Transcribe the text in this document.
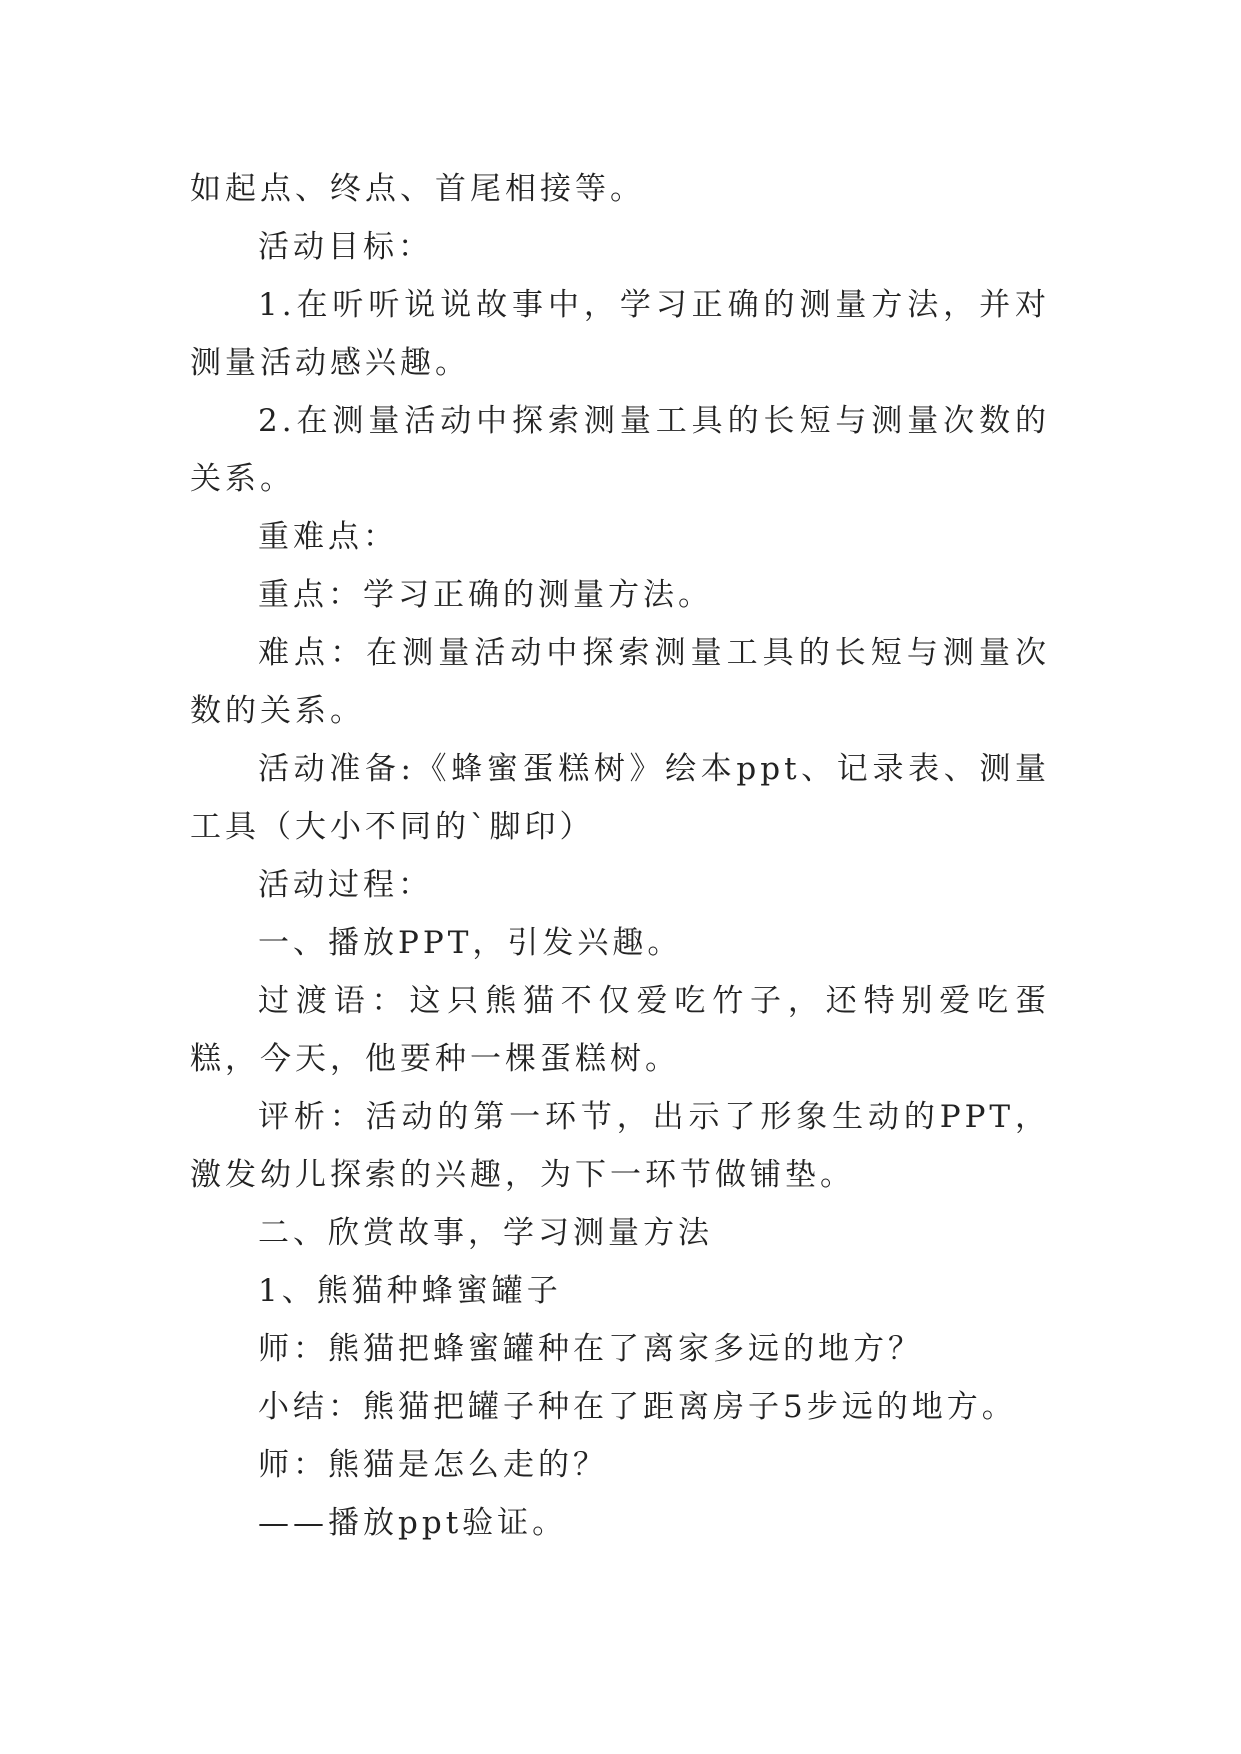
如起点、终点、首尾相接等。

活动目标：

1.在听听说说故事中，学习正确的测量方法，并对测量活动感兴趣。

2.在测量活动中探索测量工具的长短与测量次数的关系。

重难点：

重点：学习正确的测量方法。

难点：在测量活动中探索测量工具的长短与测量次数的关系。

活动准备:《蜂蜜蛋糕树》绘本ppt、记录表、测量工具（大小不同的`脚印）

活动过程：

一、播放PPT，引发兴趣。

过渡语：这只熊猫不仅爱吃竹子，还特别爱吃蛋糕，今天，他要种一棵蛋糕树。

评析：活动的第一环节，出示了形象生动的PPT，激发幼儿探索的兴趣，为下一环节做铺垫。

二、欣赏故事，学习测量方法

1、熊猫种蜂蜜罐子

师：熊猫把蜂蜜罐种在了离家多远的地方？

小结：熊猫把罐子种在了距离房子5步远的地方。

师：熊猫是怎么走的？

——播放ppt验证。
